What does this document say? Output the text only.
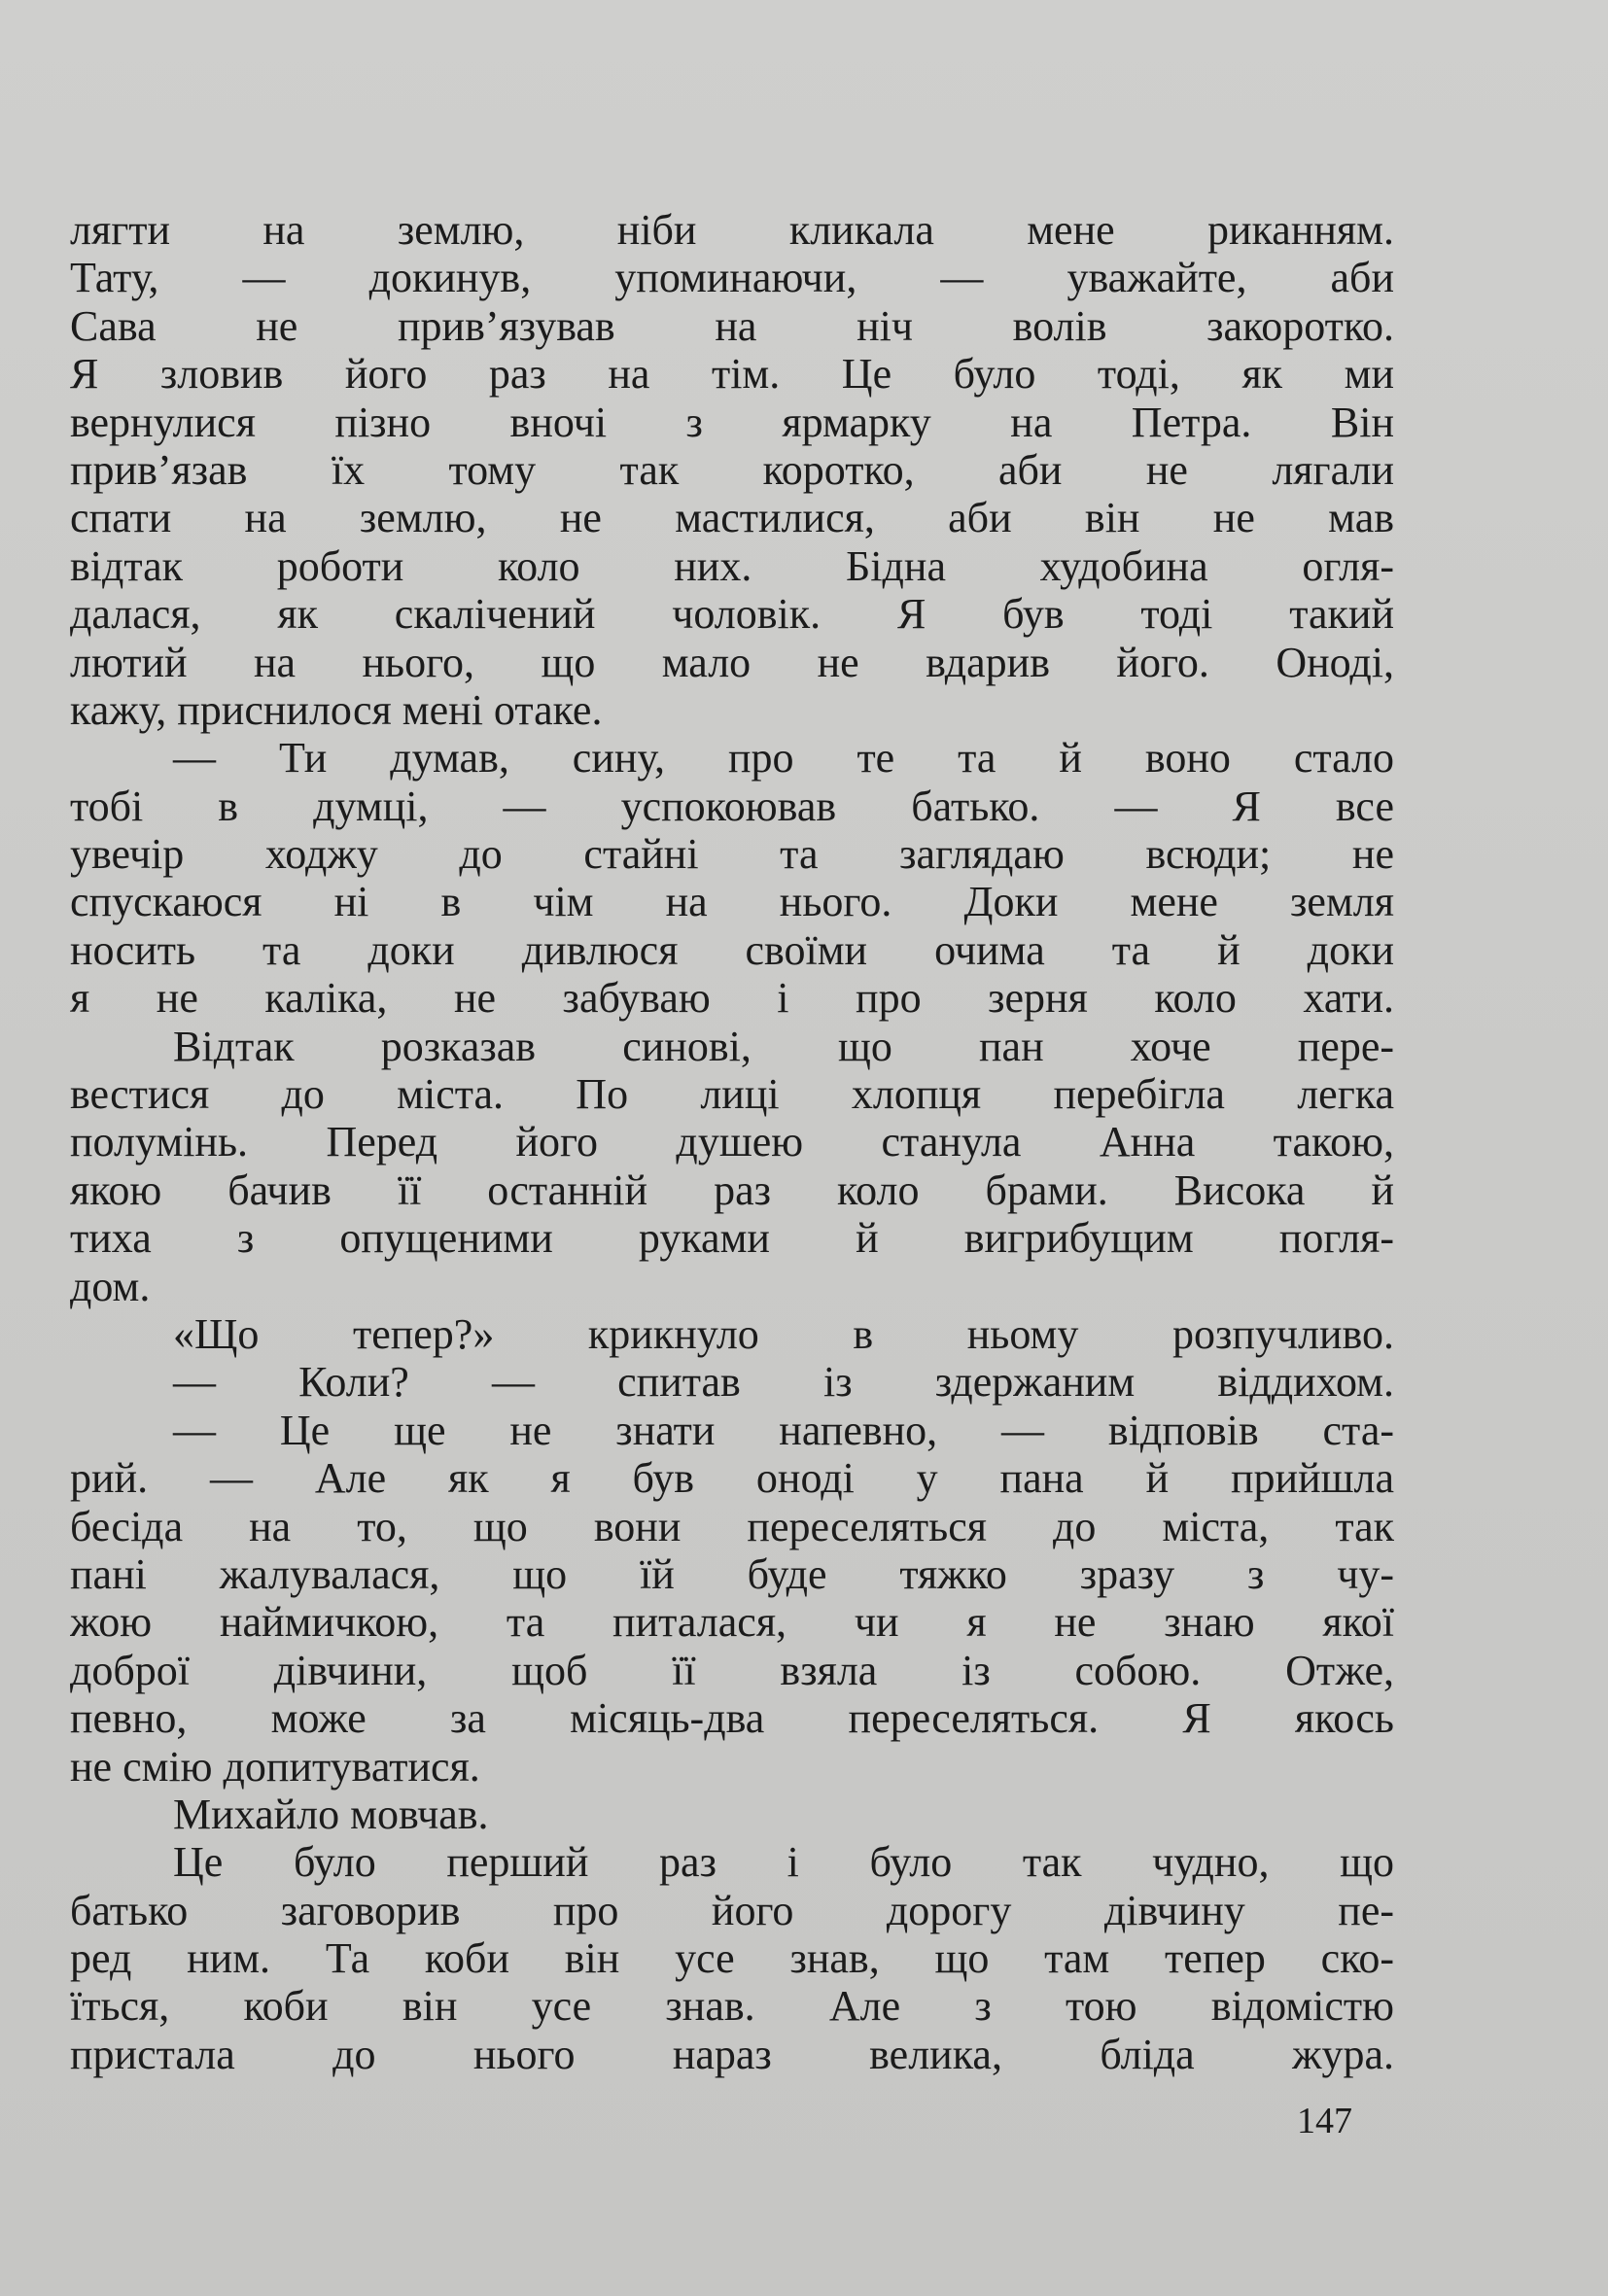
лягти на землю, ніби кликала мене риканням.
Тату, — докинув, упоминаючи, — уважайте, аби
Сава не прив’язував на ніч волів закоротко.
Я зловив його раз на тім. Це було тоді, як ми
вернулися пізно вночі з ярмарку на Петра. Він
прив’язав їх тому так коротко, аби не лягали
спати на землю, не мастилися, аби він не мав
відтак роботи коло них. Бідна худобина огля-
далася, як скалічений чоловік. Я був тоді такий
лютий на нього, що мало не вдарив його. Оноді,
кажу, приснилося мені отаке.
— Ти думав, сину, про те та й воно стало
тобі в думці, — успокоював батько. — Я все
увечір ходжу до стайні та заглядаю всюди; не
спускаюся ні в чім на нього. Доки мене земля
носить та доки дивлюся своїми очима та й доки
я не каліка, не забуваю і про зерня коло хати.
Відтак розказав синові, що пан хоче пере-
вестися до міста. По лиці хлопця перебігла легка
полумінь. Перед його душею станула Анна такою,
якою бачив її останній раз коло брами. Висока й
тиха з опущеними руками й вигрибущим погля-
дом.
«Що тепер?» крикнуло в ньому розпучливо.
— Коли? — спитав із здержаним віддихом.
— Це ще не знати напевно, — відповів ста-
рий. — Але як я був оноді у пана й прийшла
бесіда на то, що вони переселяться до міста, так
пані жалувалася, що їй буде тяжко зразу з чу-
жою наймичкою, та питалася, чи я не знаю якої
доброї дівчини, щоб її взяла із собою. Отже,
певно, може за місяць-два переселяться. Я якось
не смію допитуватися.
Михайло мовчав.
Це було перший раз і було так чудно, що
батько заговорив про його дорогу дівчину пе-
ред ним. Та коби він усе знав, що там тепер ско-
їться, коби він усе знав. Але з тою відомістю
пристала до нього нараз велика, бліда жура.
147
